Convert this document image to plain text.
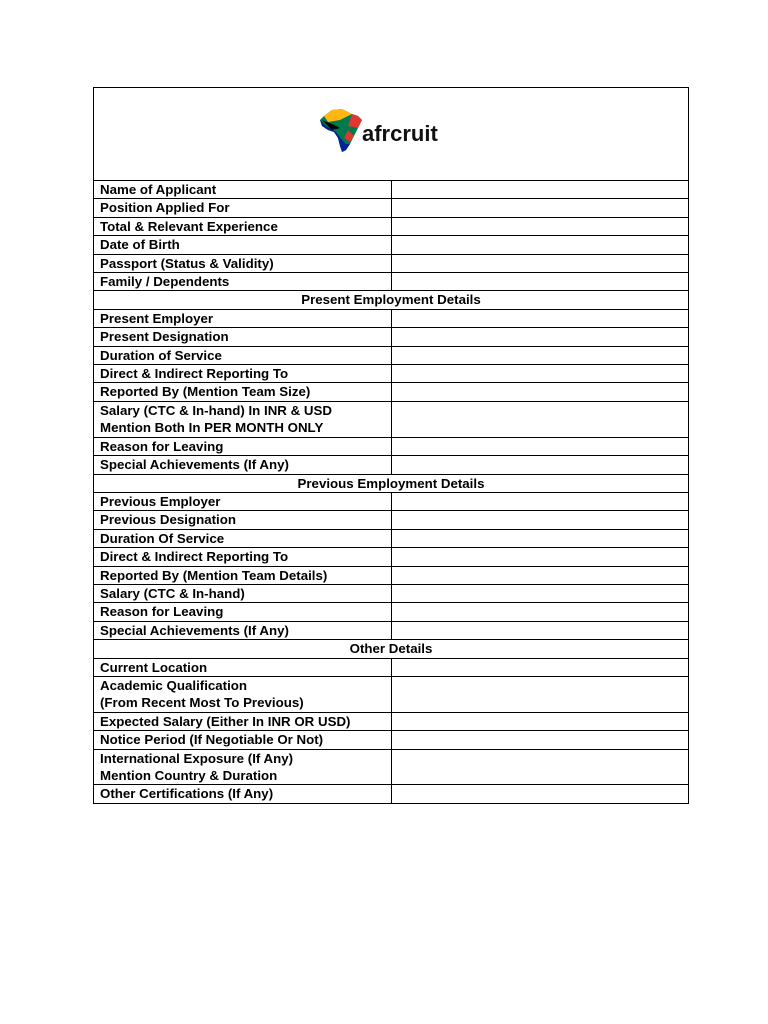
afrcruit
Name of Applicant	
Position Applied For	
Total & Relevant Experience	
Date of Birth	
Passport (Status & Validity)	
Family / Dependents	
Present Employment Details	
Present Employer	
Present Designation	
Duration of Service	
Direct & Indirect Reporting To	
Reported By (Mention Team Size)	
Salary (CTC & In-hand) In INR & USD
Mention Both In PER MONTH ONLY	
Reason for Leaving	
Special Achievements (If Any)	
Previous Employment Details	
Previous Employer	
Previous Designation	
Duration Of Service	
Direct & Indirect Reporting To	
Reported By (Mention Team Details)	
Salary (CTC & In-hand)	
Reason for Leaving	
Special Achievements (If Any)	
Other Details	
Current Location	
Academic Qualification
(From Recent Most To Previous)	
Expected Salary (Either In INR OR USD)	
Notice Period (If Negotiable Or Not)	
International Exposure (If Any)
Mention Country & Duration	
Other Certifications (If Any)	
